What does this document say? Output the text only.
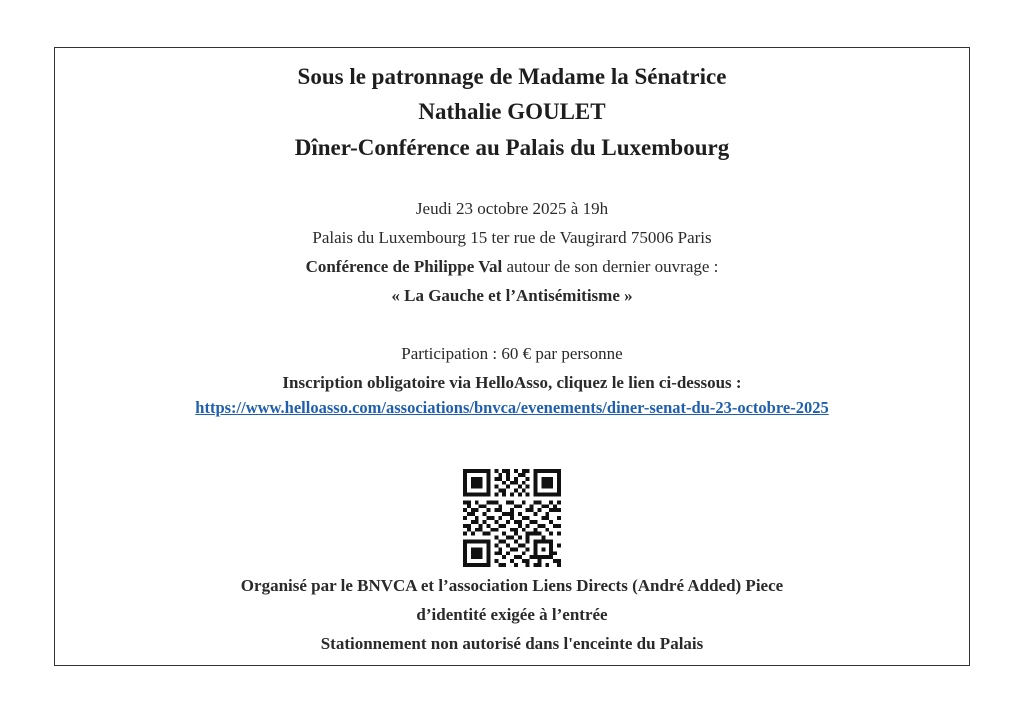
Sous le patronnage de Madame la Sénatrice
Nathalie GOULET
Dîner-Conférence au Palais du Luxembourg
Jeudi 23 octobre 2025 à 19h
Palais du Luxembourg 15 ter rue de Vaugirard 75006 Paris
Conférence de Philippe Val autour de son dernier ouvrage :
« La Gauche et l’Antisémitisme »
Participation : 60 € par personne
Inscription obligatoire via HelloAsso, cliquez le lien ci-dessous :
https://www.helloasso.com/associations/bnvca/evenements/diner-senat-du-23-octobre-2025
Organisé par le BNVCA et l’association Liens Directs (André Added) Piece
d’identité exigée à l’entrée
Stationnement non autorisé dans l'enceinte du Palais
